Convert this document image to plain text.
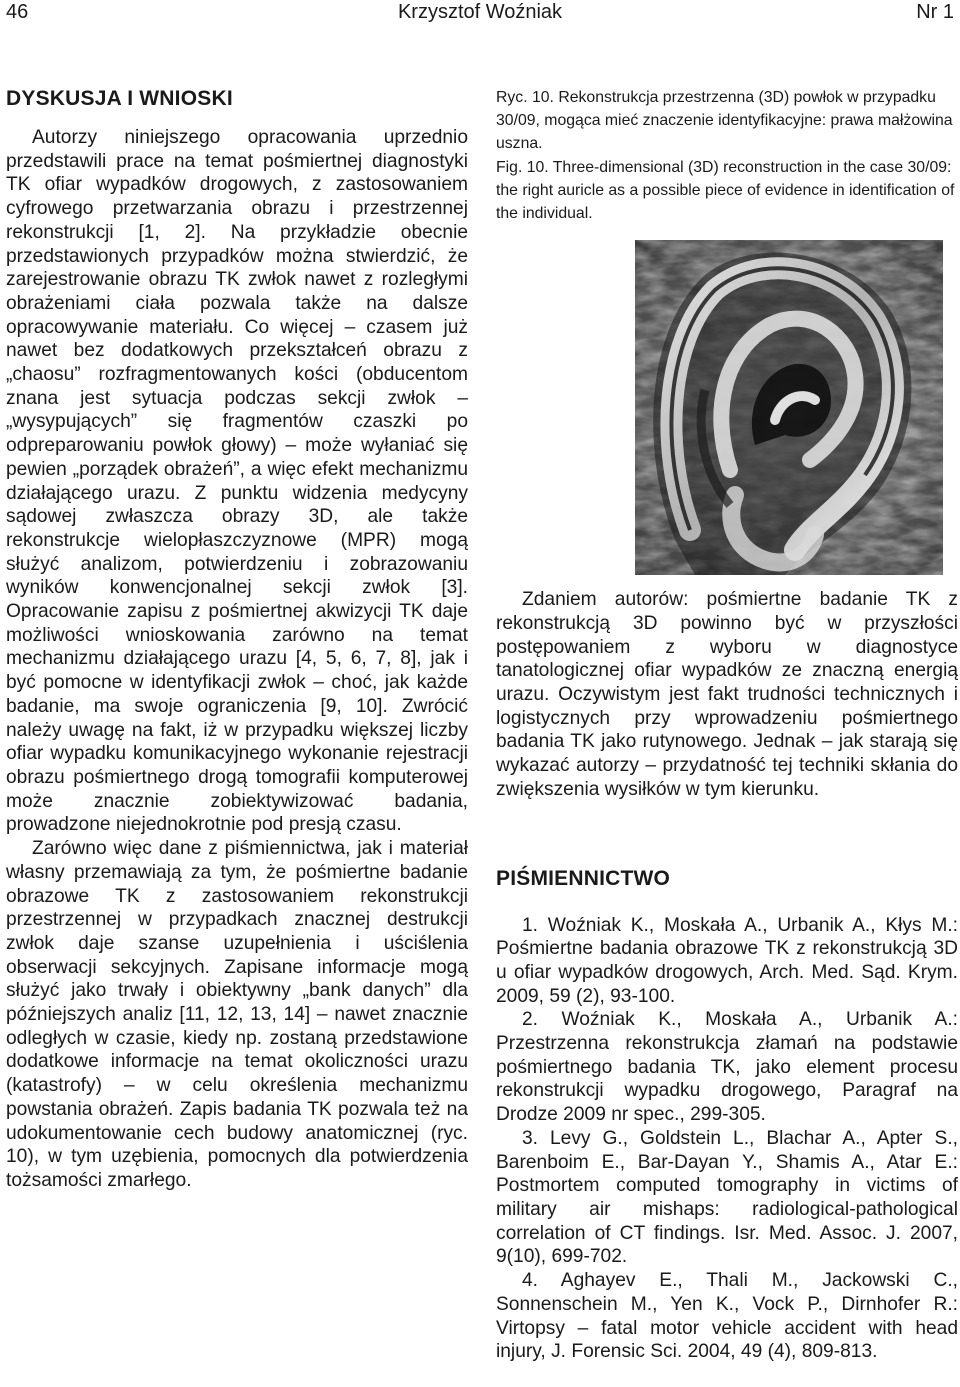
46	Krzysztof Woźniak	Nr 1
DYSKUSJA I WNIOSKI

Autorzy niniejszego opracowania uprzednio przedstawili prace na temat pośmiertnej diagnostyki TK ofiar wypadków drogowych, z zastosowaniem cyfrowego przetwarzania obrazu i przestrzennej rekonstrukcji [1, 2]. Na przykładzie obecnie przedstawionych przypadków można stwierdzić, że zarejestrowanie obrazu TK zwłok nawet z rozległymi obrażeniami ciała pozwala także na dalsze opracowywanie materiału. Co więcej – czasem już nawet bez dodatkowych przekształceń obrazu z „chaosu” rozfragmentowanych kości (obducentom znana jest sytuacja podczas sekcji zwłok – „wysypujących” się fragmentów czaszki po odpreparowaniu powłok głowy) – może wyłaniać się pewien „porządek obrażeń”, a więc efekt mechanizmu działającego urazu. Z punktu widzenia medycyny sądowej zwłaszcza obrazy 3D, ale także rekonstrukcje wielopłaszczyznowe (MPR) mogą służyć analizom, potwierdzeniu i zobrazowaniu wyników konwencjonalnej sekcji zwłok [3]. Opracowanie zapisu z pośmiertnej akwizycji TK daje możliwości wnioskowania zarówno na temat mechanizmu działającego urazu [4, 5, 6, 7, 8], jak i być pomocne w identyfikacji zwłok – choć, jak każde badanie, ma swoje ograniczenia [9, 10]. Zwrócić należy uwagę na fakt, iż w przypadku większej liczby ofiar wypadku komunikacyjnego wykonanie rejestracji obrazu pośmiertnego drogą tomografii komputerowej może znacznie zobiektywizować badania, prowadzone niejednokrotnie pod presją czasu.

Zarówno więc dane z piśmiennictwa, jak i materiał własny przemawiają za tym, że pośmiertne badanie obrazowe TK z zastosowaniem rekonstrukcji przestrzennej w przypadkach znacznej destrukcji zwłok daje szanse uzupełnienia i uściślenia obserwacji sekcyjnych. Zapisane informacje mogą służyć jako trwały i obiektywny „bank danych” dla późniejszych analiz [11, 12, 13, 14] – nawet znacznie odległych w czasie, kiedy np. zostaną przedstawione dodatkowe informacje na temat okoliczności urazu (katastrofy) – w celu określenia mechanizmu powstania obrażeń. Zapis badania TK pozwala też na udokumentowanie cech budowy anatomicznej (ryc. 10), w tym uzębienia, pomocnych dla potwierdzenia tożsamości zmarłego.

Ryc. 10. Rekonstrukcja przestrzenna (3D) powłok w przypadku 30/09, mogąca mieć znaczenie identyfikacyjne: prawa małżowina uszna.

Fig. 10. Three-dimensional (3D) reconstruction in the case 30/09: the right auricle as a possible piece of evidence in identification of the individual.

Zdaniem autorów: pośmiertne badanie TK z rekonstrukcją 3D powinno być w przyszłości postępowaniem z wyboru w diagnostyce tanatologicznej ofiar wypadków ze znaczną energią urazu. Oczywistym jest fakt trudności technicznych i logistycznych przy wprowadzeniu pośmiertnego badania TK jako rutynowego. Jednak – jak starają się wykazać autorzy – przydatność tej techniki skłania do zwiększenia wysiłków w tym kierunku.

PIŚMIENNICTWO

1. Woźniak K., Moskała A., Urbanik A., Kłys M.: Pośmiertne badania obrazowe TK z rekonstrukcją 3D u ofiar wypadków drogowych, Arch. Med. Sąd. Krym. 2009, 59 (2), 93-100.

2. Woźniak K., Moskała A., Urbanik A.: Przestrzenna rekonstrukcja złamań na podstawie pośmiertnego badania TK, jako element procesu rekonstrukcji wypadku drogowego, Paragraf na Drodze 2009 nr spec., 299-305.

3. Levy G., Goldstein L., Blachar A., Apter S., Barenboim E., Bar-Dayan Y., Shamis A., Atar E.: Postmortem computed tomography in victims of military air mishaps: radiological-pathological correlation of CT findings. Isr. Med. Assoc. J. 2007, 9(10), 699-702.

4. Aghayev E., Thali M., Jackowski C., Sonnenschein M., Yen K., Vock P., Dirnhofer R.: Virtopsy – fatal motor vehicle accident with head injury, J. Forensic Sci. 2004, 49 (4), 809-813.
